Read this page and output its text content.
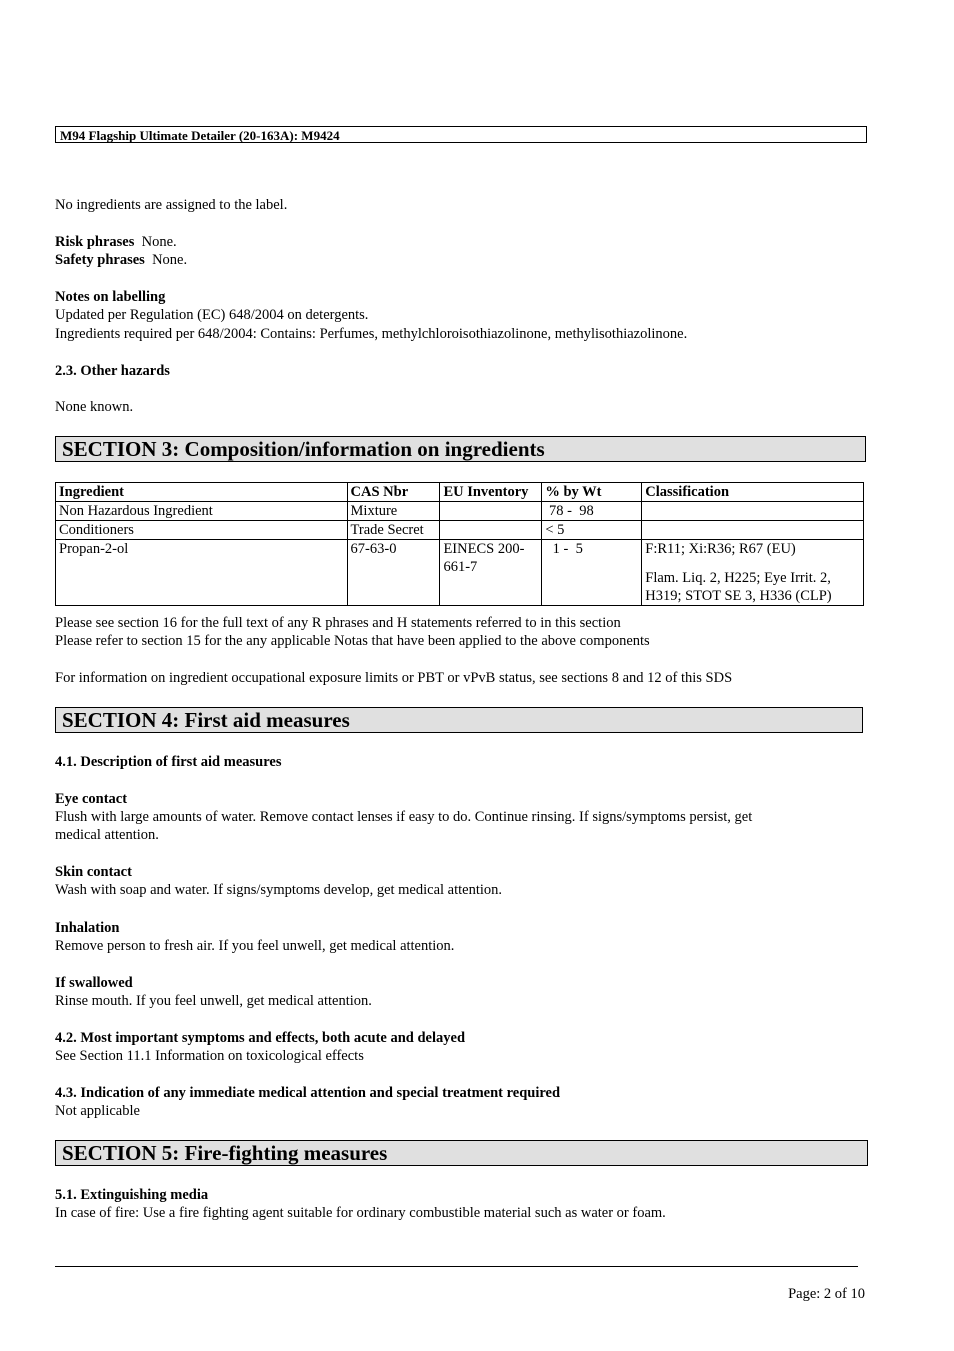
M94 Flagship Ultimate Detailer (20-163A): M9424
No ingredients are assigned to the label.
Risk phrases None.
Safety phrases None.
Notes on labelling
Updated per Regulation (EC) 648/2004 on detergents.
Ingredients required per 648/2004: Contains: Perfumes, methylchloroisothiazolinone, methylisothiazolinone.
2.3. Other hazards
None known.
SECTION 3: Composition/information on ingredients
Ingredient	CAS Nbr	EU Inventory	% by Wt	Classification
Non Hazardous Ingredient	Mixture		78 -  98	
Conditioners	Trade Secret		< 5	
Propan-2-ol	67-63-0	EINECS 200-661-7	1 -  5	F:R11; Xi:R36; R67 (EU)
Flam. Liq. 2, H225; Eye Irrit. 2, H319; STOT SE 3, H336 (CLP)
Please see section 16 for the full text of any R phrases and H statements referred to in this section
Please refer to section 15 for the any applicable Notas that have been applied to the above components
For information on ingredient occupational exposure limits or PBT or vPvB status, see sections 8 and 12 of this SDS
SECTION 4: First aid measures
4.1. Description of first aid measures
Eye contact
Flush with large amounts of water. Remove contact lenses if easy to do. Continue rinsing. If signs/symptoms persist, get
medical attention.
Skin contact
Wash with soap and water. If signs/symptoms develop, get medical attention.
Inhalation
Remove person to fresh air. If you feel unwell, get medical attention.
If swallowed
Rinse mouth. If you feel unwell, get medical attention.
4.2. Most important symptoms and effects, both acute and delayed
See Section 11.1 Information on toxicological effects
4.3. Indication of any immediate medical attention and special treatment required
Not applicable
SECTION 5: Fire-fighting measures
5.1. Extinguishing media
In case of fire: Use a fire fighting agent suitable for ordinary combustible material such as water or foam.
Page: 2 of 10
